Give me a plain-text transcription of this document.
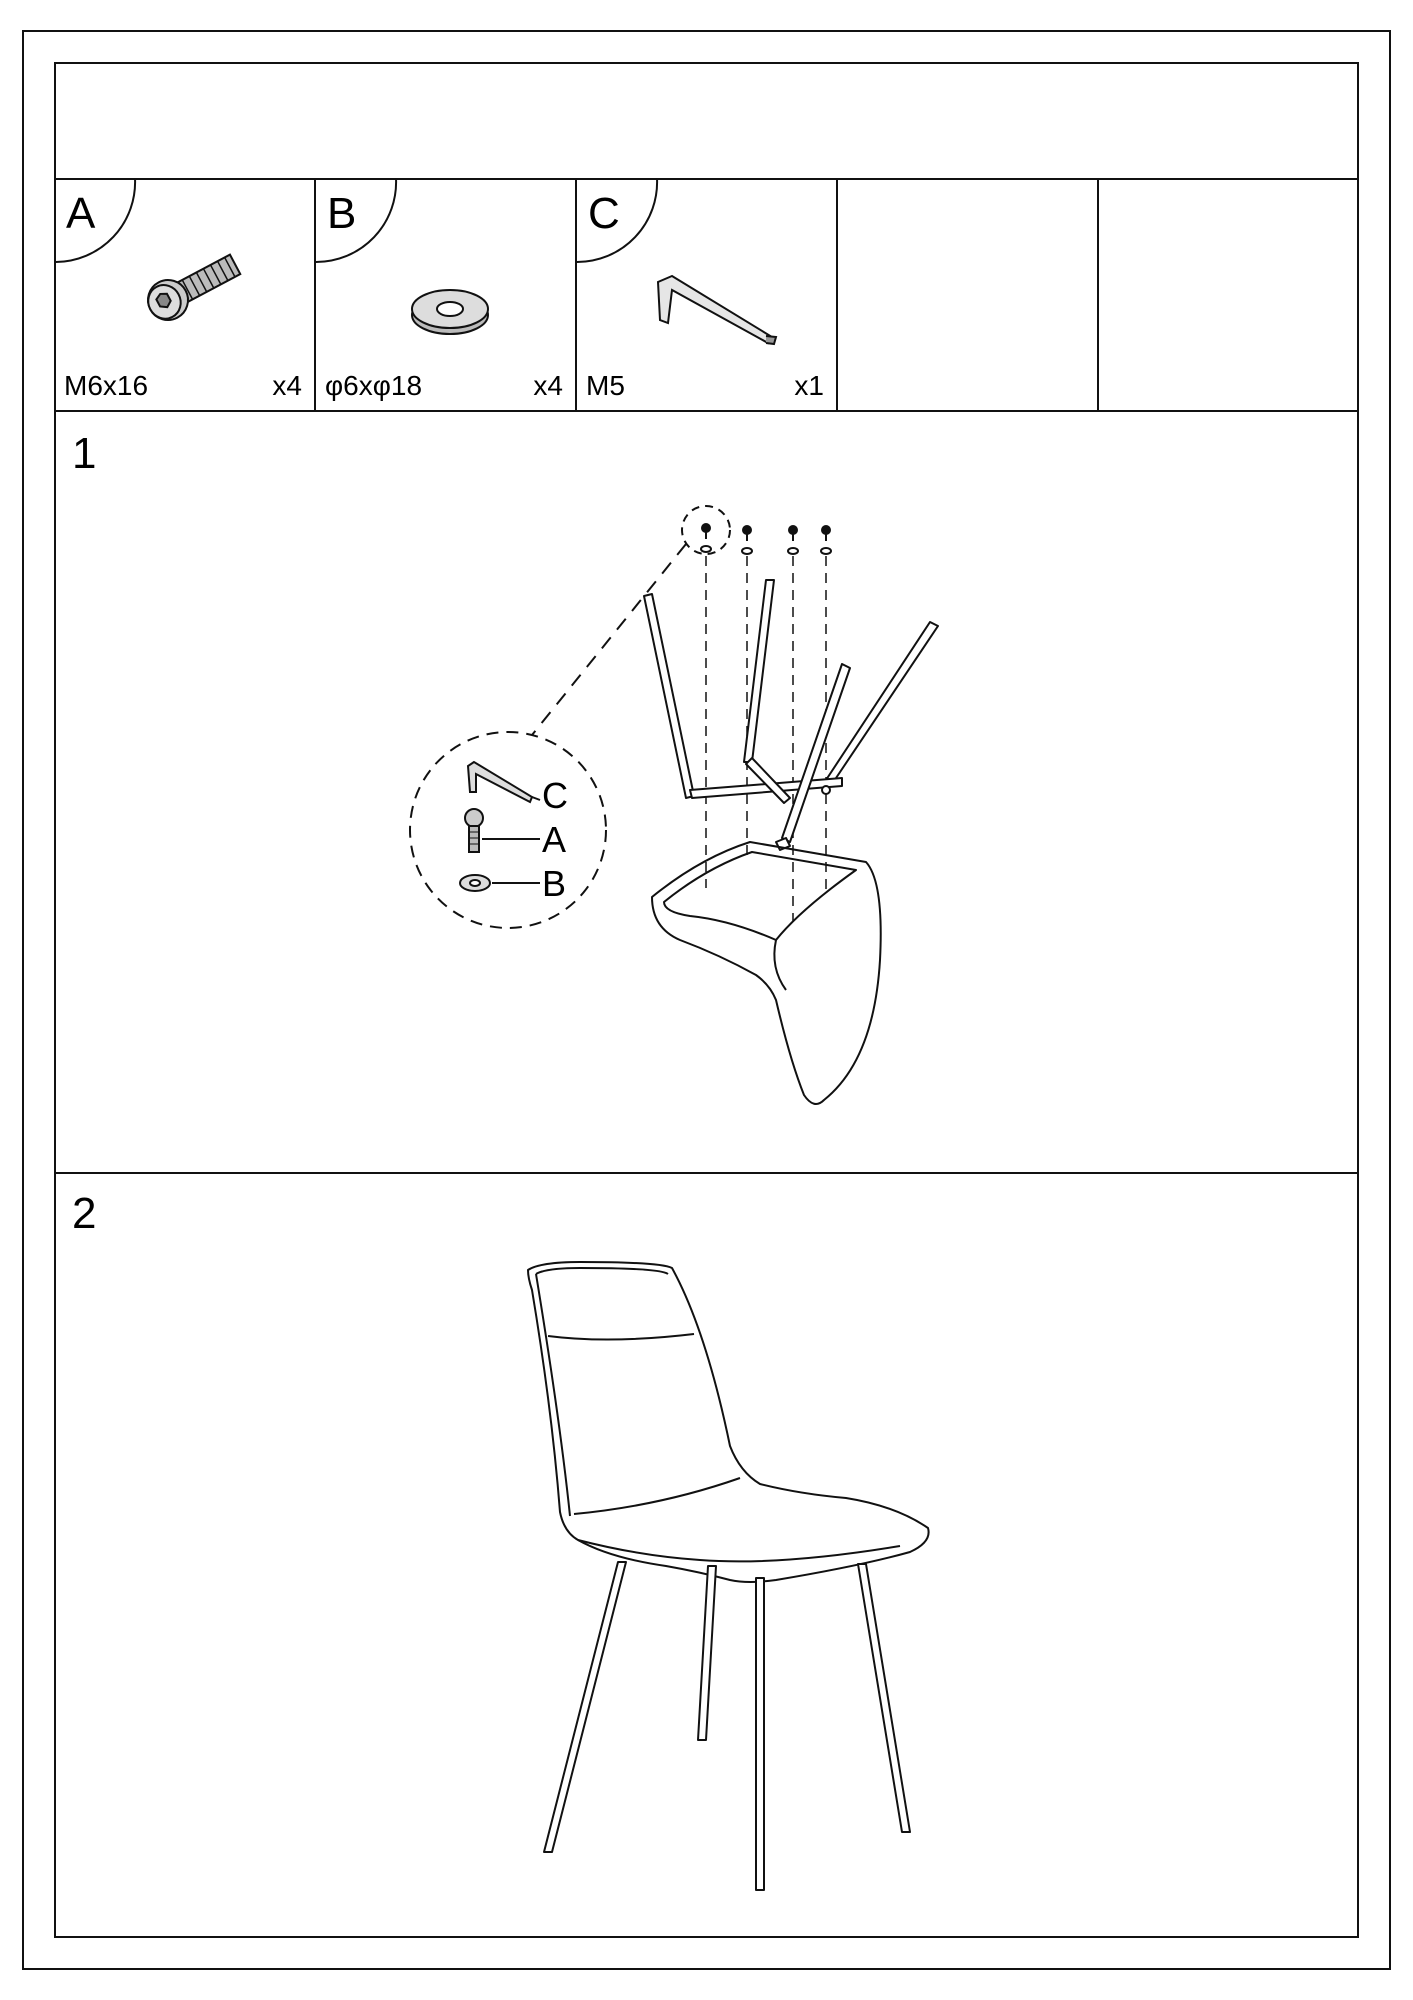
A
M6x16	x4
B
φ6xφ18	x4
C
M5	x1
1
2
C
A
B
